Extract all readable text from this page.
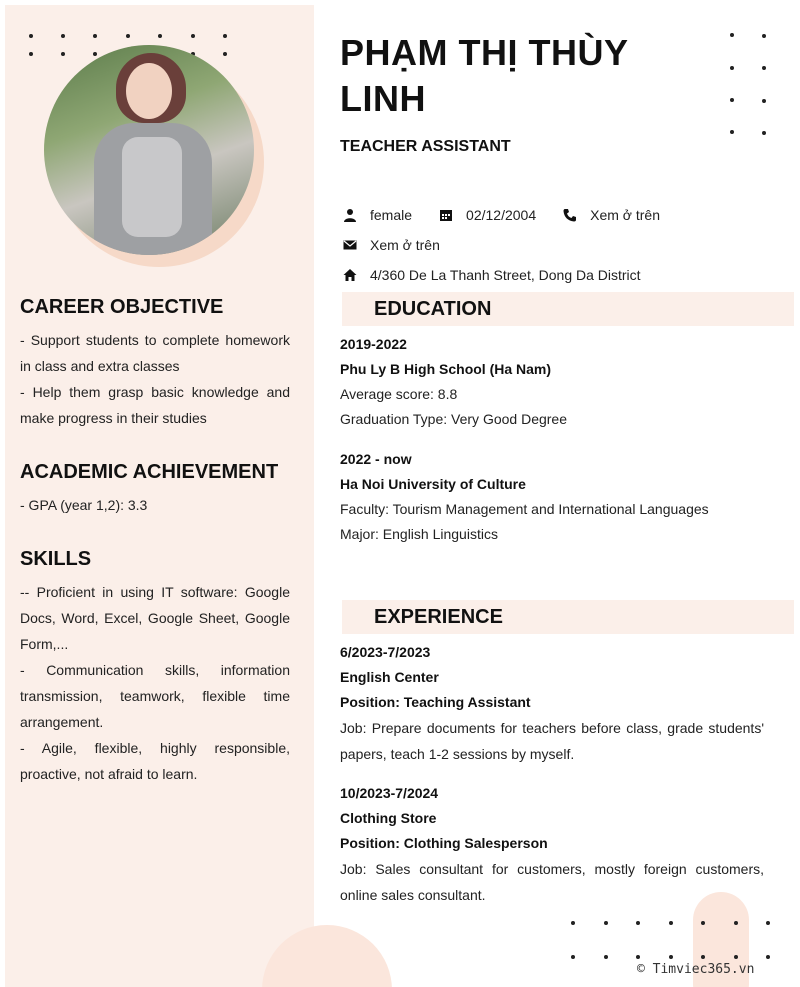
CAREER OBJECTIVE
- Support students to complete homework in class and extra classes
- Help them grasp basic knowledge and make progress in their studies
ACADEMIC ACHIEVEMENT
- GPA (year 1,2): 3.3
SKILLS
-- Proficient in using IT software: Google Docs, Word, Excel, Google Sheet, Google Form,...
- Communication skills, information transmission, teamwork, flexible time arrangement.
- Agile, flexible, highly responsible, proactive, not afraid to learn.
PHẠM THỊ THÙY LINH
TEACHER ASSISTANT
female	02/12/2004	Xem ở trên
Xem ở trên
4/360 De La Thanh Street, Dong Da District
EDUCATION
2019-2022
Phu Ly B High School (Ha Nam)
Average score: 8.8
Graduation Type: Very Good Degree
2022 - now
Ha Noi University of Culture
Faculty: Tourism Management and International Languages
Major: English Linguistics
EXPERIENCE
6/2023-7/2023
English Center
Position: Teaching Assistant
Job: Prepare documents for teachers before class, grade students' papers, teach 1-2 sessions by myself.
10/2023-7/2024
Clothing Store
Position: Clothing Salesperson
Job: Sales consultant for customers, mostly foreign customers, online sales consultant.
© Timviec365.vn
